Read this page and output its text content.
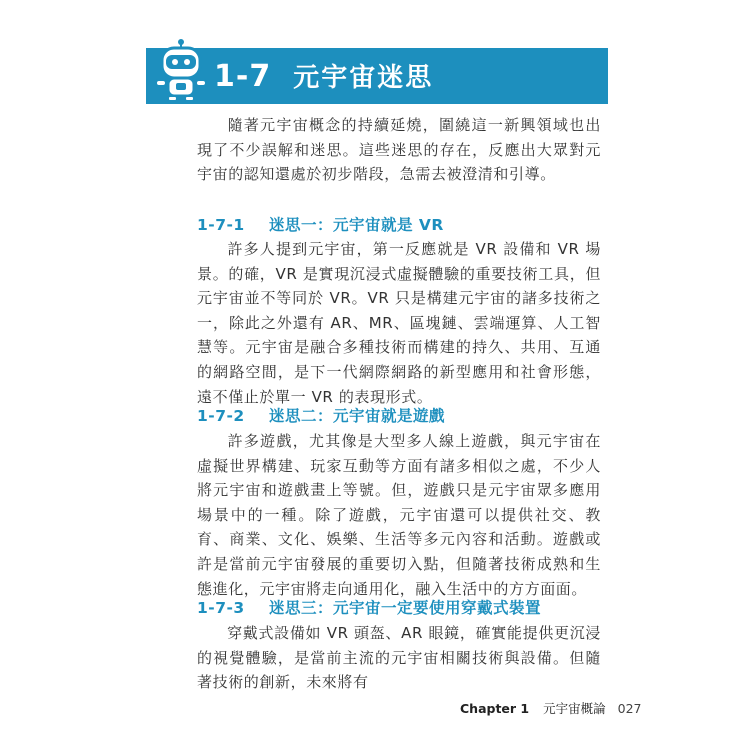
1-7 元宇宙迷思

隨著元宇宙概念的持續延燒，圍繞這一新興領域也出現了不少誤解和迷思。這些迷思的存在，反應出大眾對元宇宙的認知還處於初步階段，急需去被澄清和引導。

1-7-1 迷思一：元宇宙就是 VR

許多人提到元宇宙，第一反應就是 VR 設備和 VR 場景。的確，VR 是實現沉浸式虛擬體驗的重要技術工具，但元宇宙並不等同於 VR。VR 只是構建元宇宙的諸多技術之一，除此之外還有 AR、MR、區塊鏈、雲端運算、人工智慧等。元宇宙是融合多種技術而構建的持久、共用、互通的網路空間，是下一代網際網路的新型應用和社會形態，遠不僅止於單一 VR 的表現形式。

1-7-2 迷思二：元宇宙就是遊戲

許多遊戲，尤其像是大型多人線上遊戲，與元宇宙在虛擬世界構建、玩家互動等方面有諸多相似之處，不少人將元宇宙和遊戲畫上等號。但，遊戲只是元宇宙眾多應用場景中的一種。除了遊戲，元宇宙還可以提供社交、教育、商業、文化、娛樂、生活等多元內容和活動。遊戲或許是當前元宇宙發展的重要切入點，但隨著技術成熟和生態進化，元宇宙將走向通用化，融入生活中的方方面面。

1-7-3 迷思三：元宇宙一定要使用穿戴式裝置

穿戴式設備如 VR 頭盔、AR 眼鏡，確實能提供更沉浸的視覺體驗，是當前主流的元宇宙相關技術與設備。但隨著技術的創新，未來將有

Chapter 1 元宇宙概論 027
